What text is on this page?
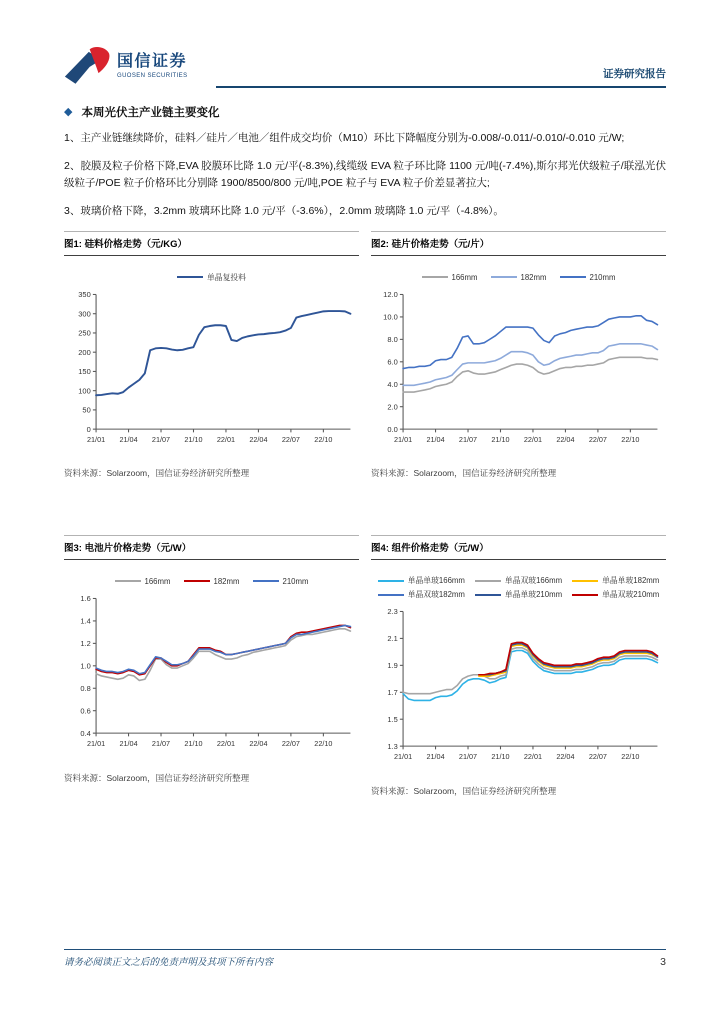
国信证券
GUOSEN SECURITIES	证券研究报告
◆ 本周光伏主产业链主要变化

1、主产业链继续降价，硅料／硅片／电池／组件成交均价（M10）环比下降幅度分别为-0.008/-0.011/-0.010/-0.010 元/W;

2、胶膜及粒子价格下降,EVA 胶膜环比降 1.0 元/平(-8.3%),线缆级 EVA 粒子环比降 1100 元/吨(-7.4%),斯尔邦光伏级粒子/联泓光伏级粒子/POE 粒子价格环比分别降 1900/8500/800 元/吨,POE 粒子与 EVA 粒子价差显著拉大;

3、玻璃价格下降，3.2mm 玻璃环比降 1.0 元/平（-3.6%），2.0mm 玻璃降 1.0 元/平（-4.8%）。

图1: 硅料价格走势（元/KG）
单晶复投料
0
50
100
150
200
250
300
350
21/01 21/04 21/07 21/10 22/01 22/04 22/07 22/10
资料来源：Solarzoom，国信证券经济研究所整理
图2: 硅片价格走势（元/片）
166mm	182mm	210mm
0.0
2.0
4.0
6.0
8.0
10.0
12.0
21/01 21/04 21/07 21/10 22/01 22/04 22/07 22/10
资料来源：Solarzoom，国信证券经济研究所整理
图3: 电池片价格走势（元/W）
166mm	182mm	210mm
0.4
0.6
0.8
1.0
1.2
1.4
1.6
21/01 21/04 21/07 21/10 22/01 22/04 22/07 22/10
资料来源：Solarzoom，国信证券经济研究所整理
图4: 组件价格走势（元/W）
单晶单玻166mm	单晶双玻166mm	单晶单玻182mm
单晶双玻182mm	单晶单玻210mm	单晶双玻210mm
1.3
1.5
1.7
1.9
2.1
2.3
21/01 21/04 21/07 21/10 22/01 22/04 22/07 22/10
资料来源：Solarzoom，国信证券经济研究所整理
请务必阅读正文之后的免责声明及其项下所有内容	3
